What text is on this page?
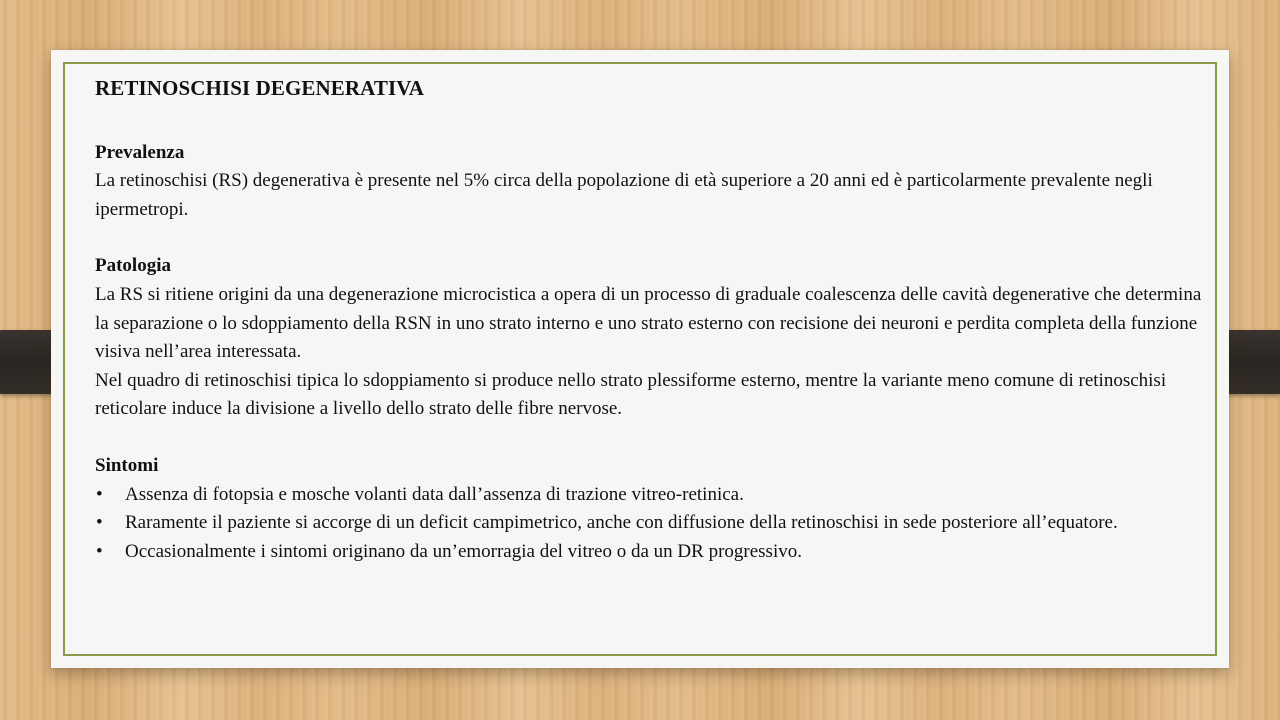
RETINOSCHISI DEGENERATIVA

Prevalenza

La retinoschisi (RS) degenerativa è presente nel 5% circa della popolazione di età superiore a 20 anni ed è particolarmente prevalente negli ipermetropi.

Patologia

La RS si ritiene origini da una degenerazione microcistica a opera di un processo di graduale coalescenza delle cavità degenerative che determina la separazione o lo sdoppiamento della RSN in uno strato interno e uno strato esterno con recisione dei neuroni e perdita completa della funzione visiva nell’area interessata.

Nel quadro di retinoschisi tipica lo sdoppiamento si produce nello strato plessiforme esterno, mentre la variante meno comune di retinoschisi reticolare induce la divisione a livello dello strato delle fibre nervose.

Sintomi

• Assenza di fotopsia e mosche volanti data dall’assenza di trazione vitreo-retinica.
• Raramente il paziente si accorge di un deficit campimetrico, anche con diffusione della retinoschisi in sede posteriore all’equatore.
• Occasionalmente i sintomi originano da un’emorragia del vitreo o da un DR progressivo.
